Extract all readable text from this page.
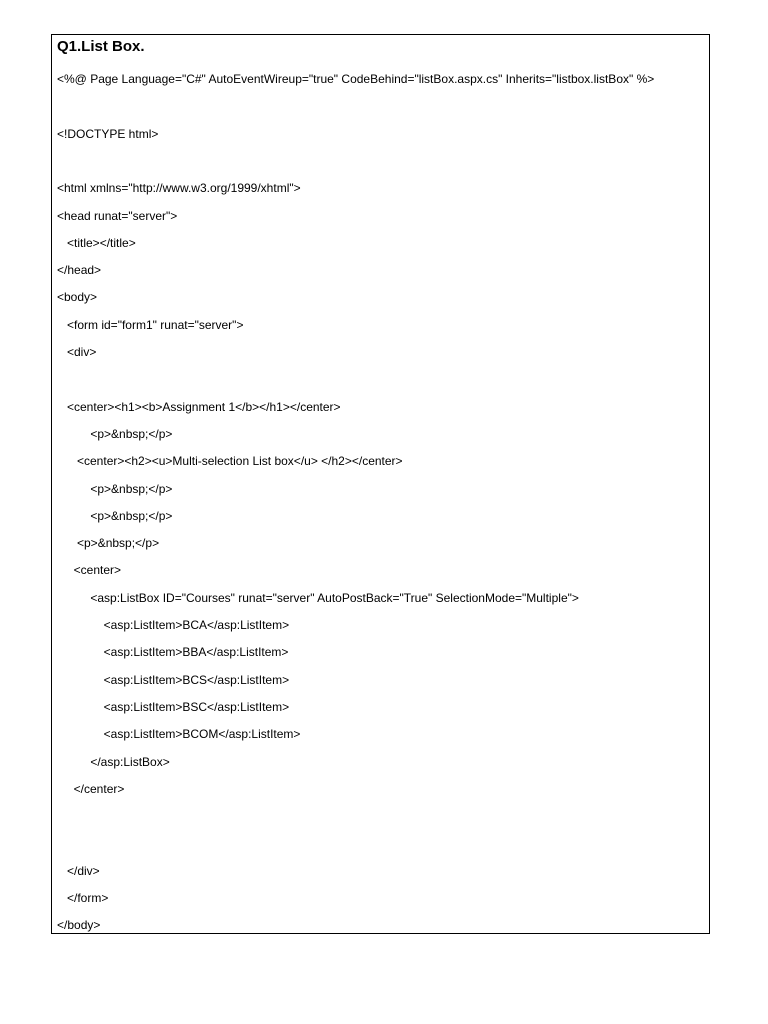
Q1.List Box.
<%@ Page Language="C#" AutoEventWireup="true" CodeBehind="listBox.aspx.cs" Inherits="listbox.listBox" %>
<!DOCTYPE html>
<html xmlns="http://www.w3.org/1999/xhtml">
<head runat="server">
<title></title>
</head>
<body>
<form id="form1" runat="server">
<div>
<center><h1><b>Assignment 1</b></h1></center>
<p>&nbsp;</p>
<center><h2><u>Multi-selection List box</u> </h2></center>
<p>&nbsp;</p>
<p>&nbsp;</p>
<p>&nbsp;</p>
<center>
<asp:ListBox ID="Courses" runat="server" AutoPostBack="True" SelectionMode="Multiple">
<asp:ListItem>BCA</asp:ListItem>
<asp:ListItem>BBA</asp:ListItem>
<asp:ListItem>BCS</asp:ListItem>
<asp:ListItem>BSC</asp:ListItem>
<asp:ListItem>BCOM</asp:ListItem>
</asp:ListBox>
</center>
</div>
</form>
</body>
